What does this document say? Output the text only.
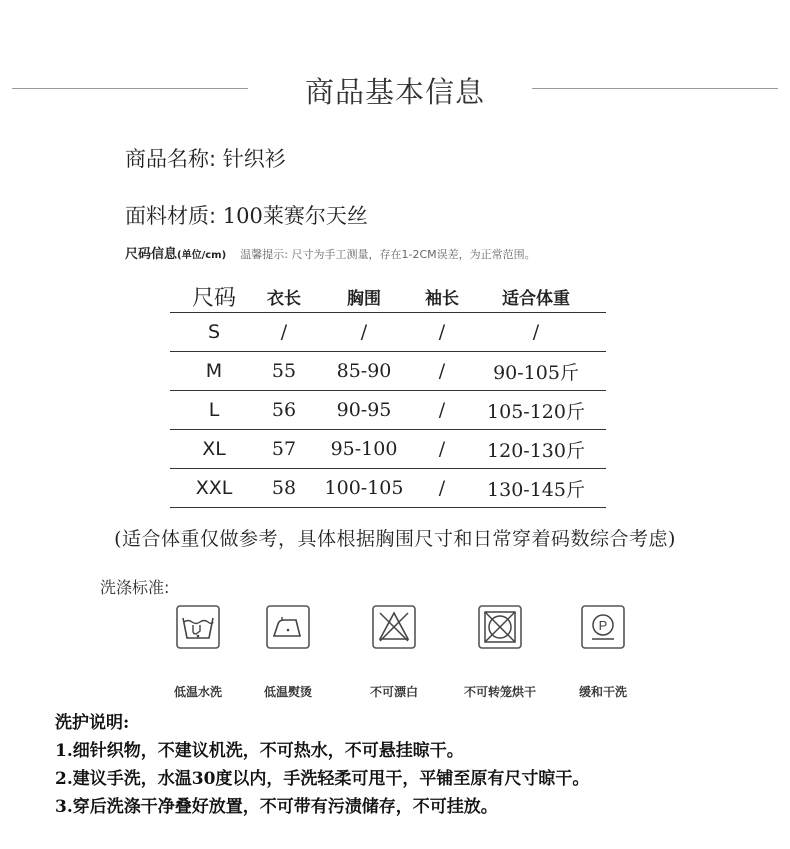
商品基本信息
商品名称: 针织衫
面料材质: 100莱赛尔天丝
尺码信息(单位/cm) 温馨提示: 尺寸为手工测量，存在1-2CM误差，为正常范围。
尺码	衣长	胸围	袖长	适合体重
S	/	/	/	/
M	55	85-90	/	90-105斤
L	56	90-95	/	105-120斤
XL	57	95-100	/	120-130斤
XXL	58	100-105	/	130-145斤
(适合体重仅做参考，具体根据胸围尺寸和日常穿着码数综合考虑)
洗涤标准:
低温水洗	低温熨烫	不可漂白	不可转笼烘干
P
缓和干洗
洗护说明:
1.细针织物，不建议机洗，不可热水，不可悬挂晾干。
2.建议手洗，水温30度以内，手洗轻柔可甩干，平铺至原有尺寸晾干。
3.穿后洗涤干净叠好放置，不可带有污渍储存，不可挂放。
